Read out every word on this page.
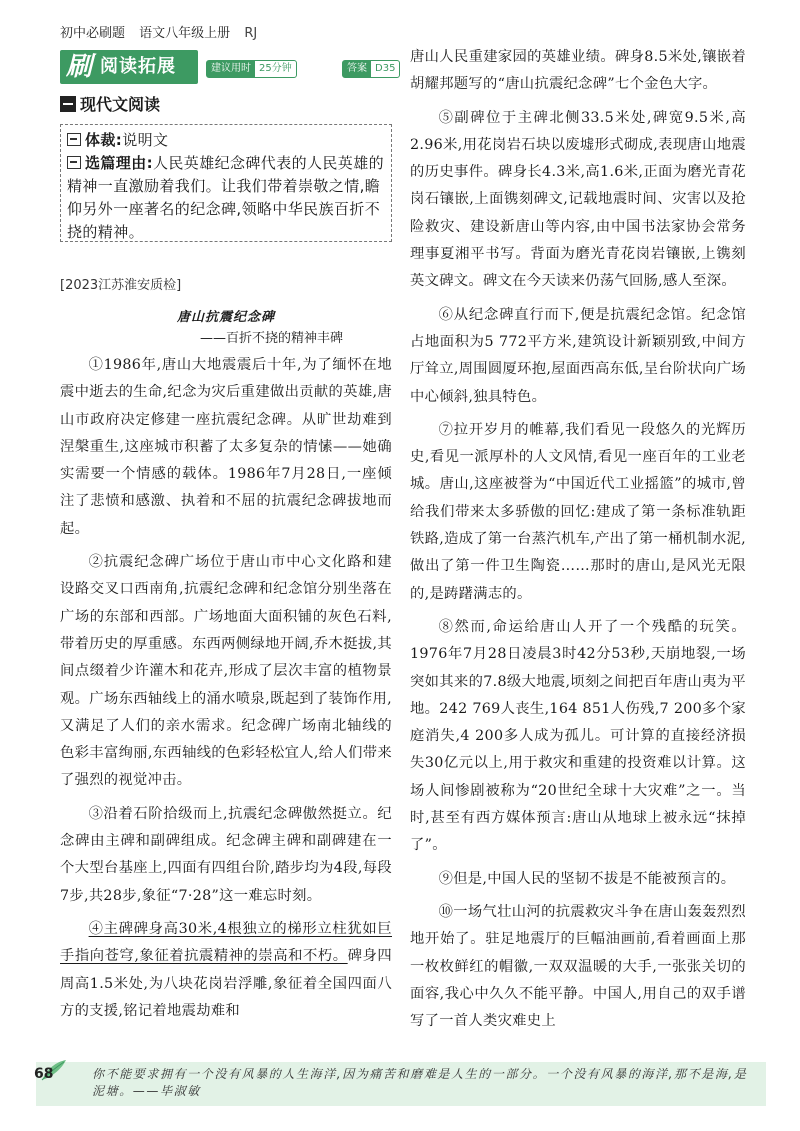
初中必刷题 语文八年级上册 RJ
刷 阅读拓展	建议用时 25分钟	答案 D35
现代文阅读
体裁:说明文
选篇理由:人民英雄纪念碑代表的人民英雄的精神一直激励着我们。让我们带着崇敬之情,瞻仰另外一座著名的纪念碑,领略中华民族百折不挠的精神。
[2023江苏淮安质检]
唐山抗震纪念碑
——百折不挠的精神丰碑

①1986年,唐山大地震震后十年,为了缅怀在地震中逝去的生命,纪念为灾后重建做出贡献的英雄,唐山市政府决定修建一座抗震纪念碑。从旷世劫难到涅槃重生,这座城市积蓄了太多复杂的情愫——她确实需要一个情感的载体。1986年7月28日,一座倾注了悲愤和感激、执着和不屈的抗震纪念碑拔地而起。

②抗震纪念碑广场位于唐山市中心文化路和建设路交叉口西南角,抗震纪念碑和纪念馆分别坐落在广场的东部和西部。广场地面大面积铺的灰色石料,带着历史的厚重感。东西两侧绿地开阔,乔木挺拔,其间点缀着少许灌木和花卉,形成了层次丰富的植物景观。广场东西轴线上的涌水喷泉,既起到了装饰作用,又满足了人们的亲水需求。纪念碑广场南北轴线的色彩丰富绚丽,东西轴线的色彩轻松宜人,给人们带来了强烈的视觉冲击。

③沿着石阶拾级而上,抗震纪念碑傲然挺立。纪念碑由主碑和副碑组成。纪念碑主碑和副碑建在一个大型台基座上,四面有四组台阶,踏步均为4段,每段7步,共28步,象征“7·28”这一难忘时刻。

④主碑碑身高30米,4根独立的梯形立柱犹如巨手指向苍穹,象征着抗震精神的崇高和不朽。碑身四周高1.5米处,为八块花岗岩浮雕,象征着全国四面八方的支援,铭记着地震劫难和

唐山人民重建家园的英雄业绩。碑身8.5米处,镶嵌着胡耀邦题写的“唐山抗震纪念碑”七个金色大字。

⑤副碑位于主碑北侧33.5米处,碑宽9.5米,高2.96米,用花岗岩石块以废墟形式砌成,表现唐山地震的历史事件。碑身长4.3米,高1.6米,正面为磨光青花岗石镶嵌,上面镌刻碑文,记载地震时间、灾害以及抢险救灾、建设新唐山等内容,由中国书法家协会常务理事夏湘平书写。背面为磨光青花岗岩镶嵌,上镌刻英文碑文。碑文在今天读来仍荡气回肠,感人至深。

⑥从纪念碑直行而下,便是抗震纪念馆。纪念馆占地面积为5 772平方米,建筑设计新颖别致,中间方厅耸立,周围圆厦环抱,屋面西高东低,呈台阶状向广场中心倾斜,独具特色。

⑦拉开岁月的帷幕,我们看见一段悠久的光辉历史,看见一派厚朴的人文风情,看见一座百年的工业老城。唐山,这座被誉为“中国近代工业摇篮”的城市,曾给我们带来太多骄傲的回忆:建成了第一条标准轨距铁路,造成了第一台蒸汽机车,产出了第一桶机制水泥,做出了第一件卫生陶瓷……那时的唐山,是风光无限的,是踌躇满志的。

⑧然而,命运给唐山人开了一个残酷的玩笑。1976年7月28日凌晨3时42分53秒,天崩地裂,一场突如其来的7.8级大地震,顷刻之间把百年唐山夷为平地。242 769人丧生,164 851人伤残,7 200多个家庭消失,4 200多人成为孤儿。可计算的直接经济损失30亿元以上,用于救灾和重建的投资难以计算。这场人间惨剧被称为“20世纪全球十大灾难”之一。当时,甚至有西方媒体预言:唐山从地球上被永远“抹掉了”。

⑨但是,中国人民的坚韧不拔是不能被预言的。

⑩一场气壮山河的抗震救灾斗争在唐山轰轰烈烈地开始了。驻足地震厅的巨幅油画前,看着画面上那一枚枚鲜红的帽徽,一双双温暖的大手,一张张关切的面容,我心中久久不能平静。中国人,用自己的双手谱写了一首人类灾难史上

68	你不能要求拥有一个没有风暴的人生海洋,因为痛苦和磨难是人生的一部分。一个没有风暴的海洋,那不是海,是泥塘。——毕淑敏
